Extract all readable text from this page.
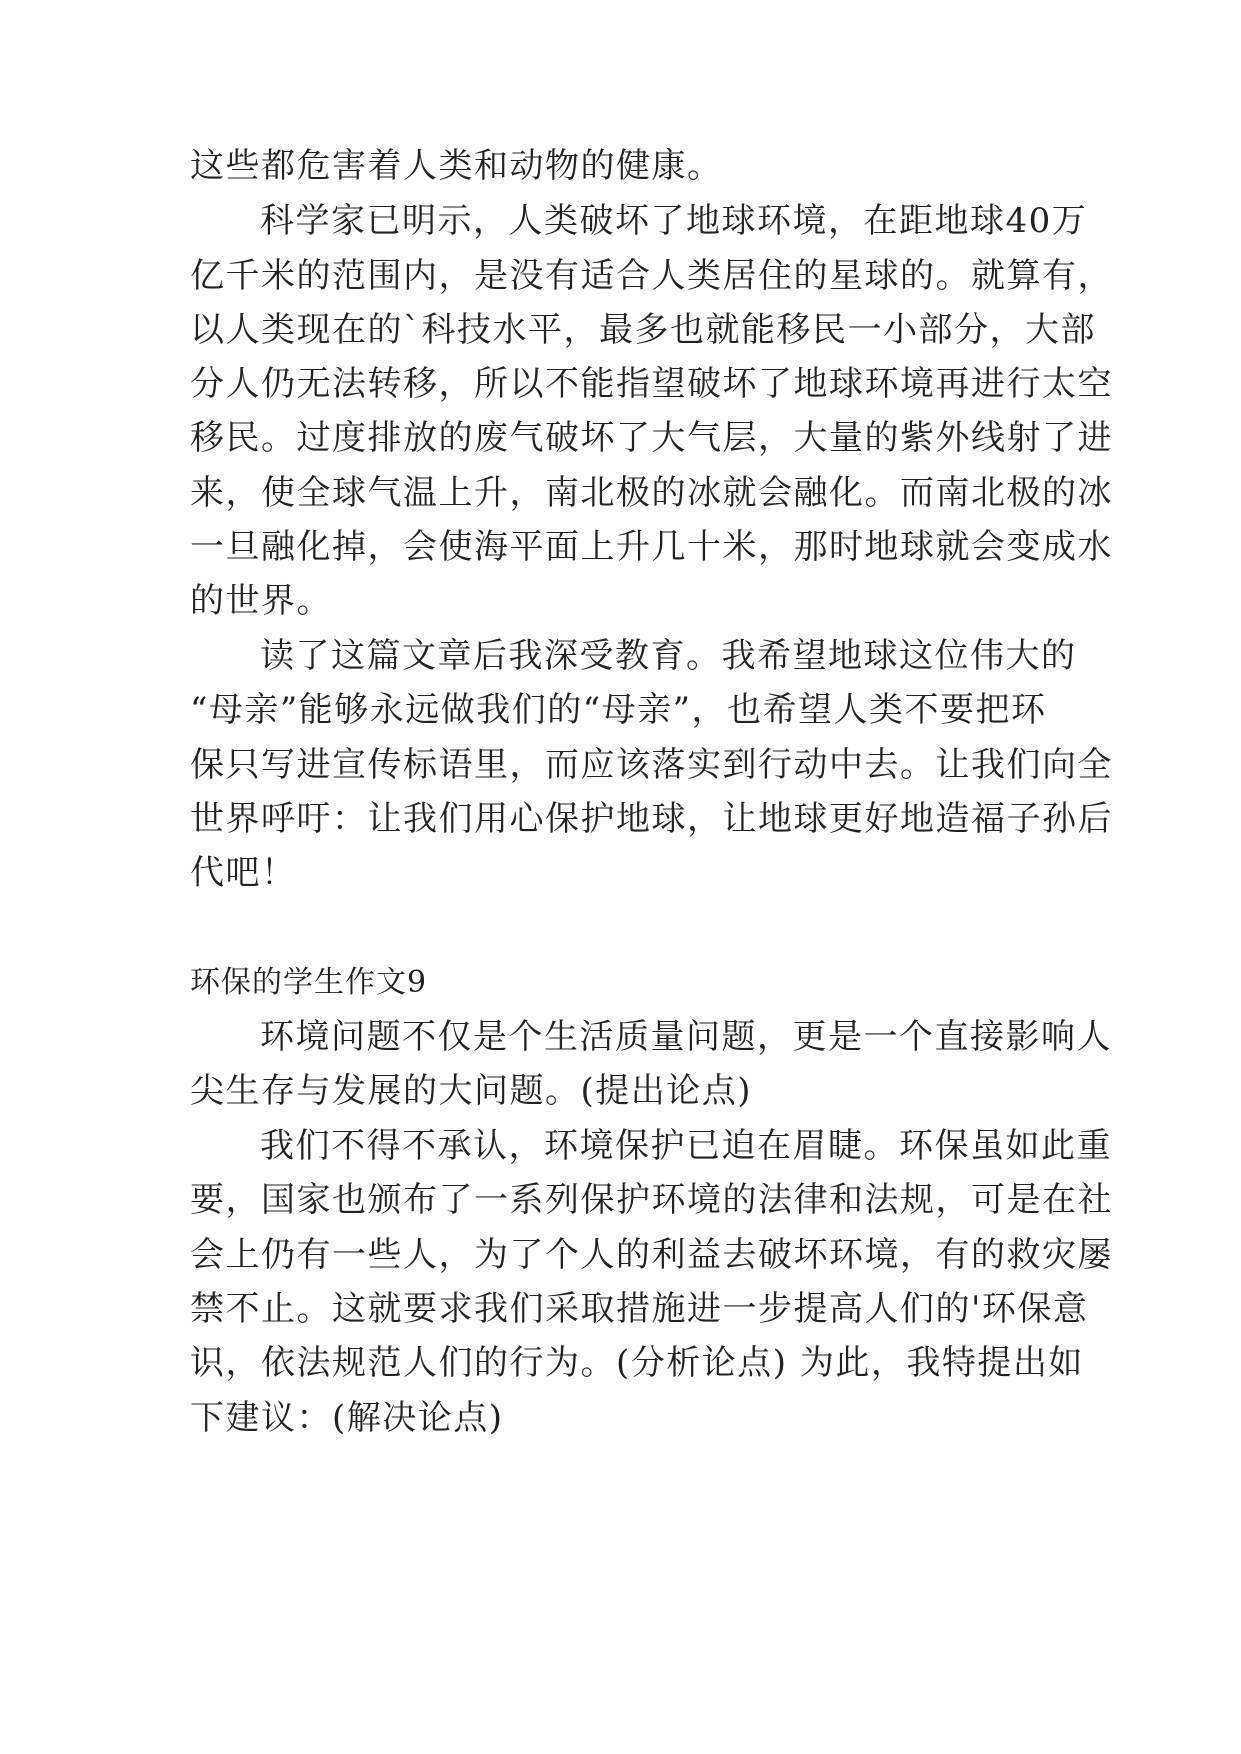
这些都危害着人类和动物的健康。
科学家已明示，人类破坏了地球环境，在距地球40万
亿千米的范围内，是没有适合人类居住的星球的。就算有，
以人类现在的`科技水平，最多也就能移民一小部分，大部
分人仍无法转移，所以不能指望破坏了地球环境再进行太空
移民。过度排放的废气破坏了大气层，大量的紫外线射了进
来，使全球气温上升，南北极的冰就会融化。而南北极的冰
一旦融化掉，会使海平面上升几十米，那时地球就会变成水
的世界。
读了这篇文章后我深受教育。我希望地球这位伟大的
“母亲”能够永远做我们的“母亲”，也希望人类不要把环
保只写进宣传标语里，而应该落实到行动中去。让我们向全
世界呼吁：让我们用心保护地球，让地球更好地造福子孙后
代吧！
环保的学生作文9
环境问题不仅是个生活质量问题，更是一个直接影响人
尖生存与发展的大问题。(提出论点)
我们不得不承认，环境保护已迫在眉睫。环保虽如此重
要，国家也颁布了一系列保护环境的法律和法规，可是在社
会上仍有一些人，为了个人的利益去破坏环境，有的救灾屡
禁不止。这就要求我们采取措施进一步提高人们的'环保意
识，依法规范人们的行为。(分析论点) 为此，我特提出如
下建议：(解决论点)
